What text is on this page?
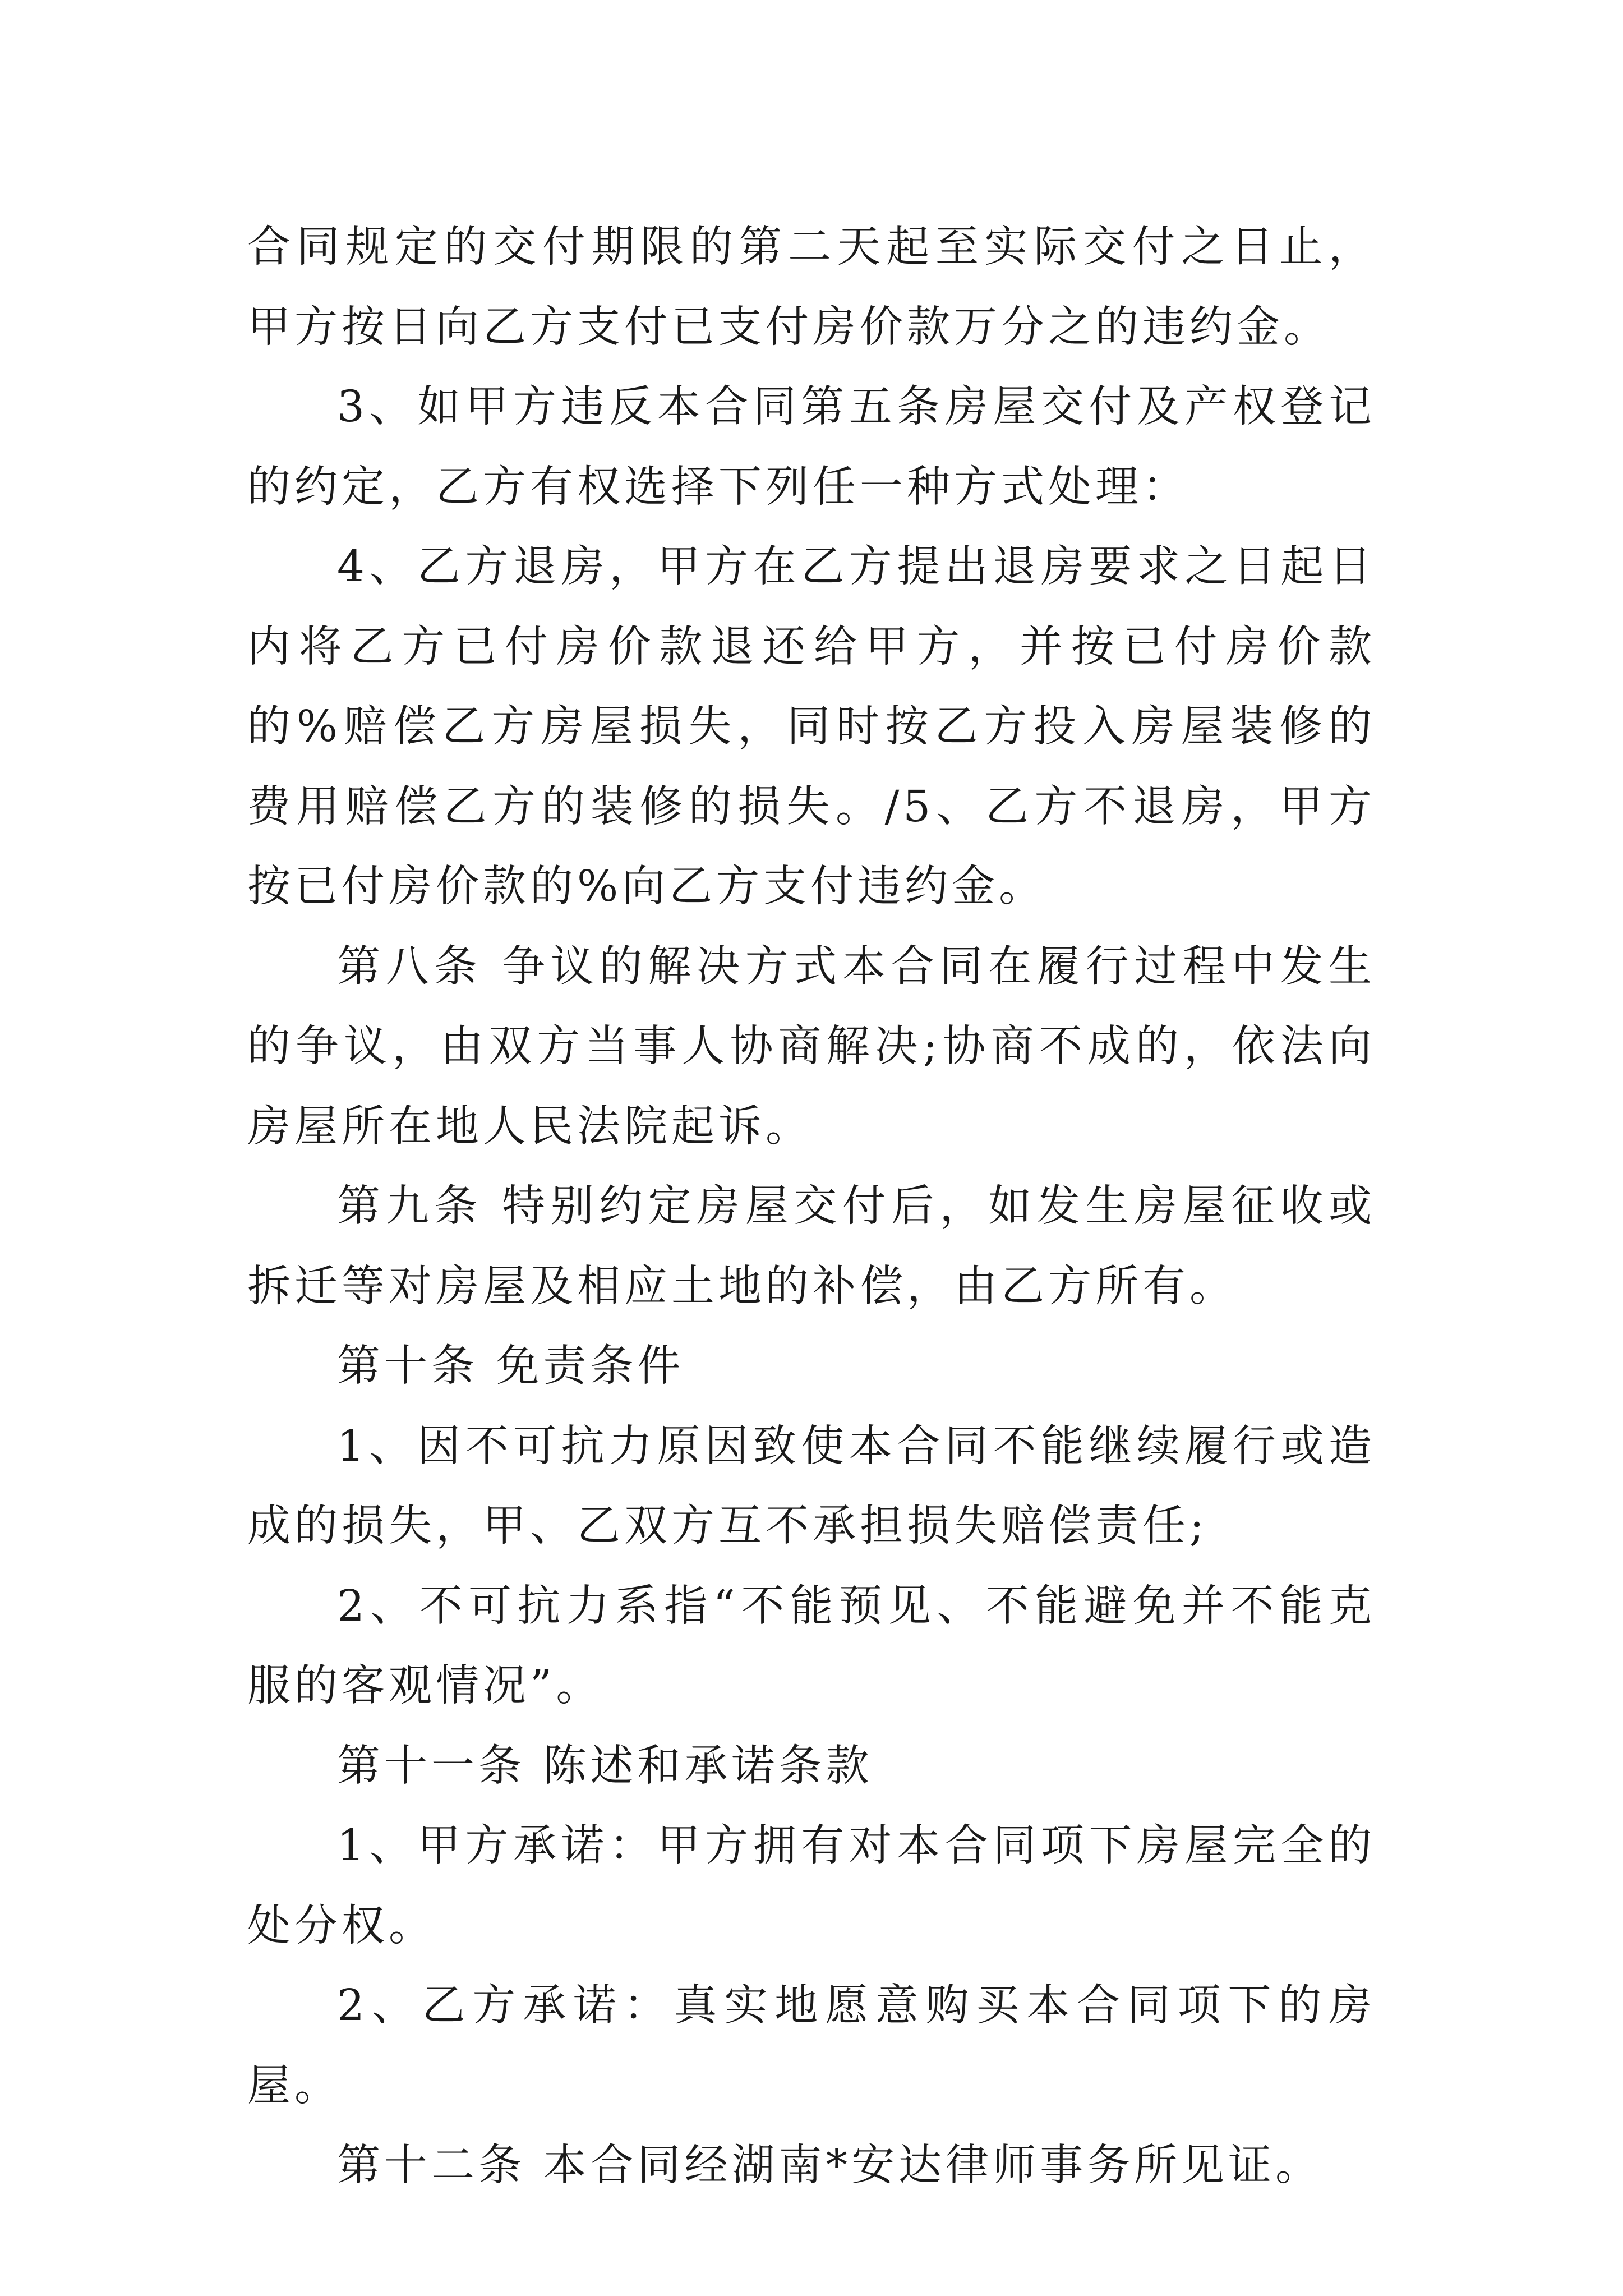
合同规定的交付期限的第二天起至实际交付之日止，甲方按日向乙方支付已支付房价款万分之的违约金。

3、如甲方违反本合同第五条房屋交付及产权登记的约定，乙方有权选择下列任一种方式处理：

4、乙方退房，甲方在乙方提出退房要求之日起日内将乙方已付房价款退还给甲方，并按已付房价款的%赔偿乙方房屋损失，同时按乙方投入房屋装修的费用赔偿乙方的装修的损失。/5、乙方不退房，甲方按已付房价款的%向乙方支付违约金。

第八条 争议的解决方式本合同在履行过程中发生的争议，由双方当事人协商解决;协商不成的，依法向房屋所在地人民法院起诉。

第九条 特别约定房屋交付后，如发生房屋征收或拆迁等对房屋及相应土地的补偿，由乙方所有。

第十条 免责条件

1、因不可抗力原因致使本合同不能继续履行或造成的损失，甲、乙双方互不承担损失赔偿责任;

2、不可抗力系指“不能预见、不能避免并不能克服的客观情况”。

第十一条 陈述和承诺条款

1、甲方承诺：甲方拥有对本合同项下房屋完全的处分权。

2、乙方承诺：真实地愿意购买本合同项下的房屋。

第十二条 本合同经湖南*安达律师事务所见证。
